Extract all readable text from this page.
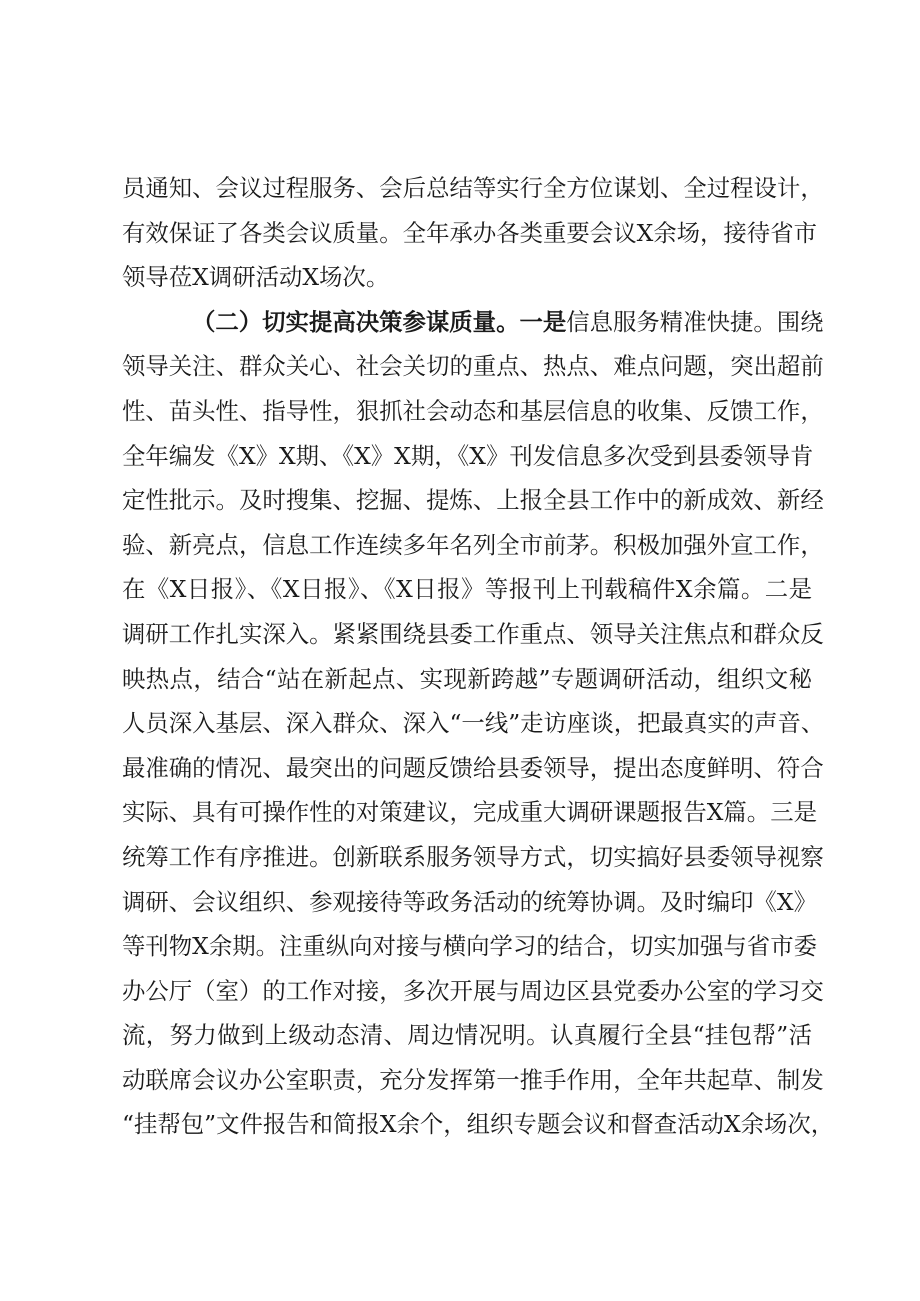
员通知、会议过程服务、会后总结等实行全方位谋划、全过程设计，
有效保证了各类会议质量。全年承办各类重要会议X余场，接待省市
领导莅X调研活动X场次。
（二）切实提高决策参谋质量。一是信息服务精准快捷。围绕
领导关注、群众关心、社会关切的重点、热点、难点问题，突出超前
性、苗头性、指导性，狠抓社会动态和基层信息的收集、反馈工作，
全年编发《X》X期、《X》X期，《X》刊发信息多次受到县委领导肯
定性批示。及时搜集、挖掘、提炼、上报全县工作中的新成效、新经
验、新亮点，信息工作连续多年名列全市前茅。积极加强外宣工作，
在《X日报》、《X日报》、《X日报》等报刊上刊载稿件X余篇。二是
调研工作扎实深入。紧紧围绕县委工作重点、领导关注焦点和群众反
映热点，结合“站在新起点、实现新跨越”专题调研活动，组织文秘
人员深入基层、深入群众、深入“一线”走访座谈，把最真实的声音、
最准确的情况、最突出的问题反馈给县委领导，提出态度鲜明、符合
实际、具有可操作性的对策建议，完成重大调研课题报告X篇。三是
统筹工作有序推进。创新联系服务领导方式，切实搞好县委领导视察
调研、会议组织、参观接待等政务活动的统筹协调。及时编印《X》
等刊物X余期。注重纵向对接与横向学习的结合，切实加强与省市委
办公厅（室）的工作对接，多次开展与周边区县党委办公室的学习交
流，努力做到上级动态清、周边情况明。认真履行全县“挂包帮”活
动联席会议办公室职责，充分发挥第一推手作用，全年共起草、制发
“挂帮包”文件报告和简报X余个，组织专题会议和督查活动X余场次，
